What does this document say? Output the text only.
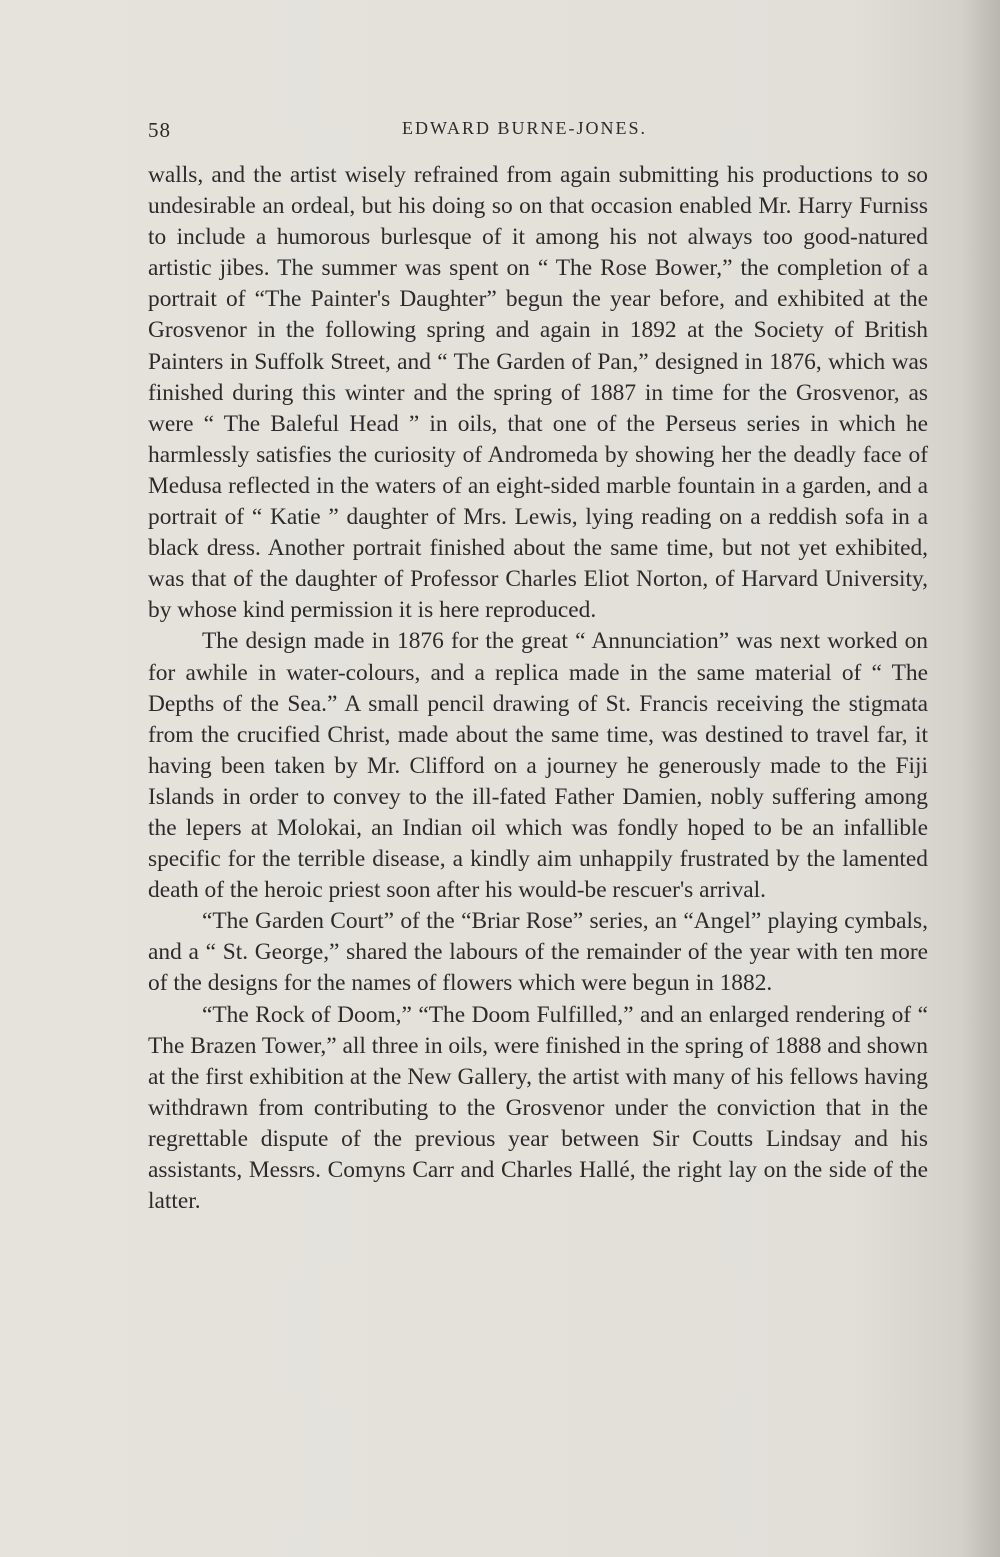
58	EDWARD BURNE-JONES.

walls, and the artist wisely refrained from again submitting his productions to so undesirable an ordeal, but his doing so on that occasion enabled Mr. Harry Furniss to include a humorous burlesque of it among his not always too good-natured artistic jibes. The summer was spent on “ The Rose Bower,” the completion of a portrait of “The Painter's Daughter” begun the year before, and exhibited at the Grosvenor in the following spring and again in 1892 at the Society of British Painters in Suffolk Street, and “ The Garden of Pan,” designed in 1876, which was finished during this winter and the spring of 1887 in time for the Grosvenor, as were “ The Baleful Head ” in oils, that one of the Perseus series in which he harmlessly satisfies the curiosity of Andromeda by showing her the deadly face of Medusa reflected in the waters of an eight-sided marble fountain in a garden, and a portrait of “ Katie ” daughter of Mrs. Lewis, lying reading on a reddish sofa in a black dress. Another portrait finished about the same time, but not yet exhibited, was that of the daughter of Professor Charles Eliot Norton, of Harvard University, by whose kind permission it is here reproduced.

The design made in 1876 for the great “ Annunciation” was next worked on for awhile in water-colours, and a replica made in the same material of “ The Depths of the Sea.” A small pencil drawing of St. Francis receiving the stigmata from the crucified Christ, made about the same time, was destined to travel far, it having been taken by Mr. Clifford on a journey he generously made to the Fiji Islands in order to convey to the ill-fated Father Damien, nobly suffering among the lepers at Molokai, an Indian oil which was fondly hoped to be an infallible specific for the terrible disease, a kindly aim unhappily frustrated by the lamented death of the heroic priest soon after his would-be rescuer's arrival.

“The Garden Court” of the “Briar Rose” series, an “Angel” playing cymbals, and a “ St. George,” shared the labours of the remainder of the year with ten more of the designs for the names of flowers which were begun in 1882.

“The Rock of Doom,” “The Doom Fulfilled,” and an enlarged rendering of “ The Brazen Tower,” all three in oils, were finished in the spring of 1888 and shown at the first exhibition at the New Gallery, the artist with many of his fellows having withdrawn from contributing to the Grosvenor under the conviction that in the regrettable dispute of the previous year between Sir Coutts Lindsay and his assistants, Messrs. Comyns Carr and Charles Hallé, the right lay on the side of the latter.
